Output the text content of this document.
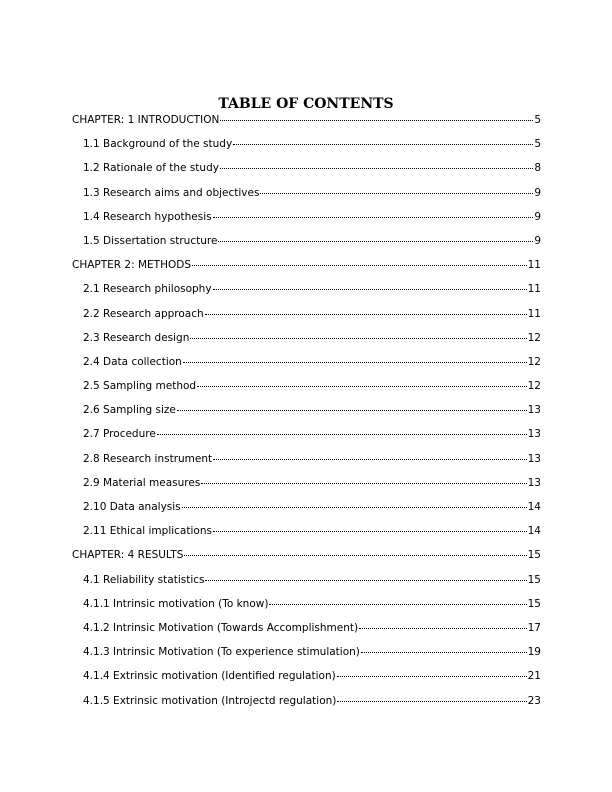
TABLE OF CONTENTS
CHAPTER: 1 INTRODUCTION	5
1.1 Background of the study	5
1.2 Rationale of the study	8
1.3 Research aims and objectives	9
1.4 Research hypothesis	9
1.5 Dissertation structure	9
CHAPTER 2: METHODS	11
2.1 Research philosophy	11
2.2 Research approach	11
2.3 Research design	12
2.4 Data collection	12
2.5 Sampling method	12
2.6 Sampling size	13
2.7 Procedure	13
2.8 Research instrument	13
2.9 Material measures	13
2.10 Data analysis	14
2.11 Ethical implications	14
CHAPTER: 4 RESULTS	15
4.1 Reliability statistics	15
4.1.1 Intrinsic motivation (To know)	15
4.1.2 Intrinsic Motivation (Towards Accomplishment)	17
4.1.3 Intrinsic Motivation (To experience stimulation)	19
4.1.4 Extrinsic motivation (Identified regulation)	21
4.1.5 Extrinsic motivation (Introjectd regulation)	23
